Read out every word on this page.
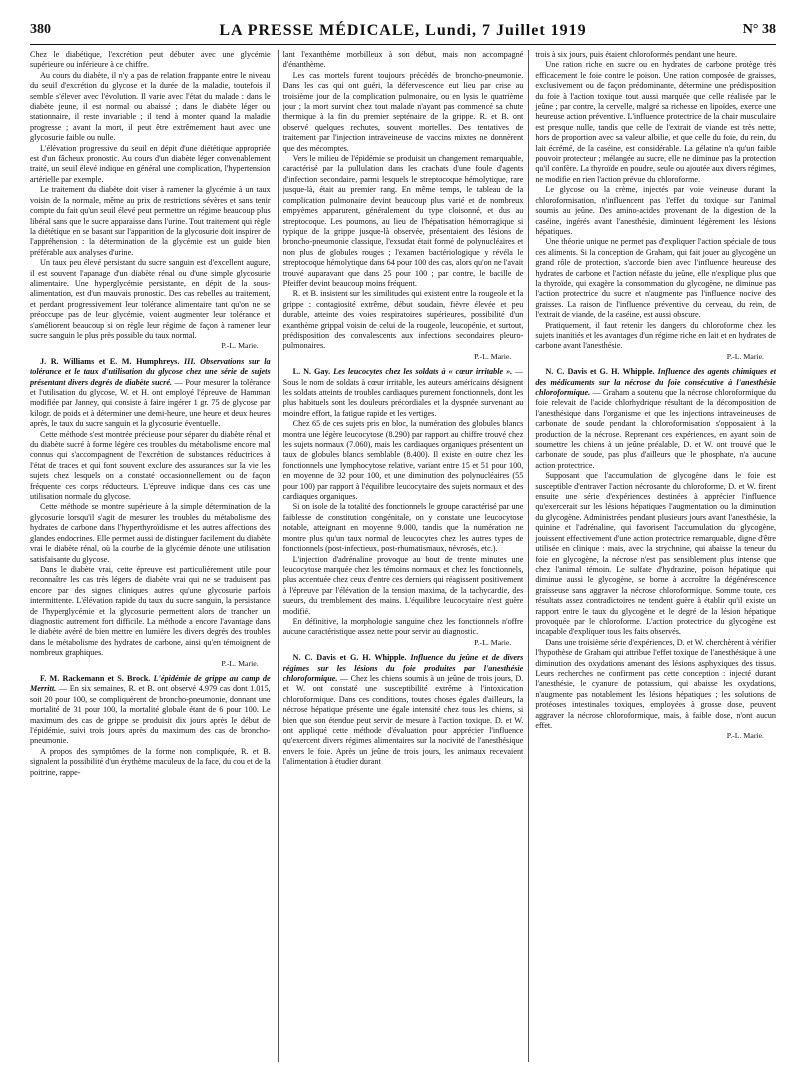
380	LA PRESSE MÉDICALE, Lundi, 7 Juillet 1919	N° 38

Chez le diabétique, l'excrétion peut débuter avec une glycémie supérieure ou inférieure à ce chiffre.

Au cours du diabète, il n'y a pas de relation frappante entre le niveau du seuil d'excrétion du glycose et la durée de la maladie, toutefois il semble s'élever avec l'évolution. Il varie avec l'état du malade : dans le diabète jeune, il est normal ou abaissé ; dans le diabète léger ou stationnaire, il reste invariable ; il tend à monter quand la maladie progresse ; avant la mort, il peut être extrêmement haut avec une glycosurie faible ou nulle.

L'élévation progressive du seuil en dépit d'une diététique appropriée est d'un fâcheux pronostic. Au cours d'un diabète léger convenablement traité, un seuil élevé indique en général une complication, l'hypertension artérielle par exemple.

Le traitement du diabète doit viser à ramener la glycémie à un taux voisin de la normale, même au prix de restrictions sévères et sans tenir compte du fait qu'un seuil élevé peut permettre un régime beaucoup plus libéral sans que le sucre apparaisse dans l'urine. Tout traitement qui règle la diététique en se basant sur l'apparition de la glycosurie doit inspirer de l'appréhension : la détermination de la glycémie est un guide bien préférable aux analyses d'urine.

Un taux peu élevé persistant du sucre sanguin est d'excellent augure, il est souvent l'apanage d'un diabète rénal ou d'une simple glycosurie alimentaire. Une hyperglycémie persistante, en dépit de la sous-alimentation, est d'un mauvais pronostic. Des cas rebelles au traitement, et perdant progressivement leur tolérance alimentaire tant qu'on ne se préoccupe pas de leur glycémie, voient augmenter leur tolérance et s'améliorent beaucoup si on règle leur régime de façon à ramener leur sucre sanguin le plus près possible du taux normal.

P.-L. Marie.

J. R. Williams et E. M. Humphreys. III. Observations sur la tolérance et le taux d'utilisation du glycose chez une série de sujets présentant divers degrés de diabète sucré. — Pour mesurer la tolérance et l'utilisation du glycose, W. et H. ont employé l'épreuve de Hamman modifiée par Janney, qui consiste à faire ingérer 1 gr. 75 de glycose par kilogr. de poids et à déterminer une demi-heure, une heure et deux heures après, le taux du sucre sanguin et la glycosurie éventuelle.

Cette méthode s'est montrée précieuse pour séparer du diabète rénal et du diabète sucré à forme légère ces troubles du métabolisme encore mal connus qui s'accompagnent de l'excrétion de substances réductrices à l'état de traces et qui font souvent exclure des assurances sur la vie les sujets chez lesquels on a constaté occasionnellement ou de façon fréquente ces corps réducteurs. L'épreuve indique dans ces cas une utilisation normale du glycose.

Cette méthode se montre supérieure à la simple détermination de la glycosurie lorsqu'il s'agit de mesurer les troubles du métabolisme des hydrates de carbone dans l'hyperthyroïdisme et les autres affections des glandes endocrines. Elle permet aussi de distinguer facilement du diabète vrai le diabète rénal, où la courbe de la glycémie dénote une utilisation satisfaisante du glycose.

Dans le diabète vrai, cette épreuve est particulièrement utile pour reconnaître les cas très légers de diabète vrai qui ne se traduisent pas encore par des signes cliniques autres qu'une glycosurie parfois intermittente. L'élévation rapide du taux du sucre sanguin, la persistance de l'hyperglycémie et la glycosurie permettent alors de trancher un diagnostic autrement fort difficile. La méthode a encore l'avantage dans le diabète avéré de bien mettre en lumière les divers degrés des troubles dans le métabolisme des hydrates de carbone, ainsi qu'en témoignent de nombreux graphiques.

P.-L. Marie.

F. M. Rackemann et S. Brock. L'épidémie de grippe au camp de Merritt. — En six semaines, R. et B. ont observé 4.979 cas dont 1.015, soit 20 pour 100, se compliquèrent de broncho-pneumonie, donnant une mortalité de 31 pour 100, la mortalité globale étant de 6 pour 100. Le maximum des cas de grippe se produisit dix jours après le début de l'épidémie, suivi trois jours après du maximum des cas de broncho-pneumonie.

A propos des symptômes de la forme non compliquée, R. et B. signalent la possibilité d'un érythème maculeux de la face, du cou et de la poitrine, rappe-

lant l'exanthème morbilleux à son début, mais non accompagné d'énanthème.

Les cas mortels furent toujours précédés de broncho-pneumonie. Dans les cas qui ont guéri, la défervescence eut lieu par crise au troisième jour de la complication pulmonaire, ou en lysis le quatrième jour ; la mort survint chez tout malade n'ayant pas commencé sa chute thermique à la fin du premier septénaire de la grippe. R. et B. ont observé quelques rechutes, souvent mortelles. Des tentatives de traitement par l'injection intraveineuse de vaccins mixtes ne donnèrent que des mécomptes.

Vers le milieu de l'épidémie se produisit un changement remarquable, caractérisé par la pullulation dans les crachats d'une foule d'agents d'infection secondaire, parmi lesquels le streptocoque hémolytique, rare jusque-là, était au premier rang. En même temps, le tableau de la complication pulmonaire devint beaucoup plus varié et de nombreux empyèmes apparurent, généralement du type cloisonné, et dus au streptocoque. Les poumons, au lieu de l'hépatisation hémorragique si typique de la grippe jusque-là observée, présentaient des lésions de broncho-pneumonie classique, l'exsudat était formé de polynucléaires et non plus de globules rouges ; l'examen bactériologique y révéla le streptocoque hémolytique dans 64 pour 100 des cas, alors qu'on ne l'avait trouvé auparavant que dans 25 pour 100 ; par contre, le bacille de Pfeiffer devint beaucoup moins fréquent.

R. et B. insistent sur les similitudes qui existent entre la rougeole et la grippe : contagiosité extrême, début soudain, fièvre élevée et peu durable, atteinte des voies respiratoires supérieures, possibilité d'un exanthème grippal voisin de celui de la rougeole, leucopénie, et surtout, prédisposition des convalescents aux infections secondaires pleuro-pulmonaires.

P.-L. Marie.

L. N. Gay. Les leucocytes chez les soldats à « cœur irritable ». — Sous le nom de soldats à cœur irritable, les auteurs américains désignent les soldats atteints de troubles cardiaques purement fonctionnels, dont les plus habituels sont les douleurs précordiales et la dyspnée survenant au moindre effort, la fatigue rapide et les vertiges.

Chez 65 de ces sujets pris en bloc, la numération des globules blancs montra une légère leucocytose (8.290) par rapport au chiffre trouvé chez les sujets normaux (7.060), mais les cardiaques organiques présentent un taux de globules blancs semblable (8.400). Il existe en outre chez les fonctionnels une lymphocytose relative, variant entre 15 et 51 pour 100, en moyenne de 32 pour 100, et une diminution des polynucléaires (55 pour 100) par rapport à l'équilibre leucocytaire des sujets normaux et des cardiaques organiques.

Si on isole de la totalité des fonctionnels le groupe caractérisé par une faiblesse de constitution congénitale, on y constate une leucocytose notable, atteignant en moyenne 9.000, tandis que la numération ne montre plus qu'un taux normal de leucocytes chez les autres types de fonctionnels (post-infectieux, post-rhumatismaux, névrosés, etc.).

L'injection d'adrénaline provoque au bout de trente minutes une leucocytose marquée chez les témoins normaux et chez les fonctionnels, plus accentuée chez ceux d'entre ces derniers qui réagissent positivement à l'épreuve par l'élévation de la tension maxima, de la tachycardie, des sueurs, du tremblement des mains. L'équilibre leucocytaire n'est guère modifié.

En définitive, la morphologie sanguine chez les fonctionnels n'offre aucune caractéristique assez nette pour servir au diagnostic.

P.-L. Marie.

N. C. Davis et G. H. Whipple. Influence du jeûne et de divers régimes sur les lésions du foie produites par l'anesthésie chloroformique. — Chez les chiens soumis à un jeûne de trois jours, D. et W. ont constaté une susceptibilité extrême à l'intoxication chloroformique. Dans ces conditions, toutes choses égales d'ailleurs, la nécrose hépatique présente une égale intensité chez tous les chiens, si bien que son étendue peut servir de mesure à l'action toxique. D. et W. ont appliqué cette méthode d'évaluation pour apprécier l'influence qu'exercent divers régimes alimentaires sur la nocivité de l'anesthésique envers le foie. Après un jeûne de trois jours, les animaux recevaient l'alimentation à étudier durant

trois à six jours, puis étaient chloroformés pendant une heure.

Une ration riche en sucre ou en hydrates de carbone protège très efficacement le foie contre le poison. Une ration composée de graisses, exclusivement ou de façon prédominante, détermine une prédisposition du foie à l'action toxique tout aussi marquée que celle réalisée par le jeûne ; par contre, la cervelle, malgré sa richesse en lipoïdes, exerce une heureuse action préventive. L'influence protectrice de la chair musculaire est presque nulle, tandis que celle de l'extrait de viande est très nette, hors de proportion avec sa valeur albilie, et que celle du foie, du rein, du lait écrémé, de la caséine, est considérable. La gélatine n'a qu'un faible pouvoir protecteur ; mélangée au sucre, elle ne diminue pas la protection qu'il confère. La thyroïde en poudre, seule ou ajoutée aux divers régimes, ne modifie en rien l'action prévue du chloroforme.

Le glycose ou la crème, injectés par voie veineuse durant la chloroformisation, n'influencent pas l'effet du toxique sur l'animal soumis au jeûne. Des amino-acides provenant de la digestion de la caséine, ingérés avant l'anesthésie, diminuent légèrement les lésions hépatiques.

Une théorie unique ne permet pas d'expliquer l'action spéciale de tous ces aliments. Si la conception de Graham, qui fait jouer au glycogène un grand rôle de protection, s'accorde bien avec l'influence heureuse des hydrates de carbone et l'action néfaste du jeûne, elle n'explique plus que la thyroïde, qui exagère la consommation du glycogène, ne diminue pas l'action protectrice du sucre et n'augmente pas l'influence nocive des graisses. La raison de l'influence préventive du cerveau, du rein, de l'extrait de viande, de la caséine, est aussi obscure.

Pratiquement, il faut retenir les dangers du chloroforme chez les sujets inanitiés et les avantages d'un régime riche en lait et en hydrates de carbone avant l'anesthésie.

P.-L. Marie.

N. C. Davis et G. H. Whipple. Influence des agents chimiques et des médicaments sur la nécrose du foie consécutive à l'anesthésie chloroformique. — Graham a soutenu que la nécrose chloroformique du foie relevait de l'acide chlorhydrique résultant de la décomposition de l'anesthésique dans l'organisme et que les injections intraveineuses de carbonate de soude pendant la chloroformisation s'opposaient à la production de la nécrose. Reprenant ces expériences, en ayant soin de soumettre les chiens à un jeûne préalable, D. et W. ont trouvé que le carbonate de soude, pas plus d'ailleurs que le phosphate, n'a aucune action protectrice.

Supposant que l'accumulation de glycogène dans le foie est susceptible d'entraver l'action nécrosante du chloroforme, D. et W. firent ensuite une série d'expériences destinées à apprécier l'influence qu'exercerait sur les lésions hépatiques l'augmentation ou la diminution du glycogène. Administrées pendant plusieurs jours avant l'anesthésie, la quinine et l'adrénaline, qui favorisent l'accumulation du glycogène, jouissent effectivement d'une action protectrice remarquable, digne d'être utilisée en clinique : mais, avec la strychnine, qui abaisse la teneur du foie en glycogène, la nécrose n'est pas sensiblement plus intense que chez l'animal témoin. Le sulfate d'hydrazine, poison hépatique qui diminue aussi le glycogène, se borne à accroître la dégénérescence graisseuse sans aggraver la nécrose chloroformique. Somme toute, ces résultats assez contradictoires ne tendent guère à établir qu'il existe un rapport entre le taux du glycogène et le degré de la lésion hépatique provoquée par le chloroforme. L'action protectrice du glycogène est incapable d'expliquer tous les faits observés.

Dans une troisième série d'expériences, D. et W. cherchèrent à vérifier l'hypothèse de Graham qui attribue l'effet toxique de l'anesthésique à une diminution des oxydations amenant des lésions asphyxiques des tissus. Leurs recherches ne confirment pas cette conception : injecté durant l'anesthésie, le cyanure de potassium, qui abaisse les oxydations, n'augmente pas notablement les lésions hépatiques ; les solutions de protéoses intestinales toxiques, employées à grosse dose, peuvent aggraver la nécrose chloroformique, mais, à faible dose, n'ont aucun effet.

P.-L. Marie.
